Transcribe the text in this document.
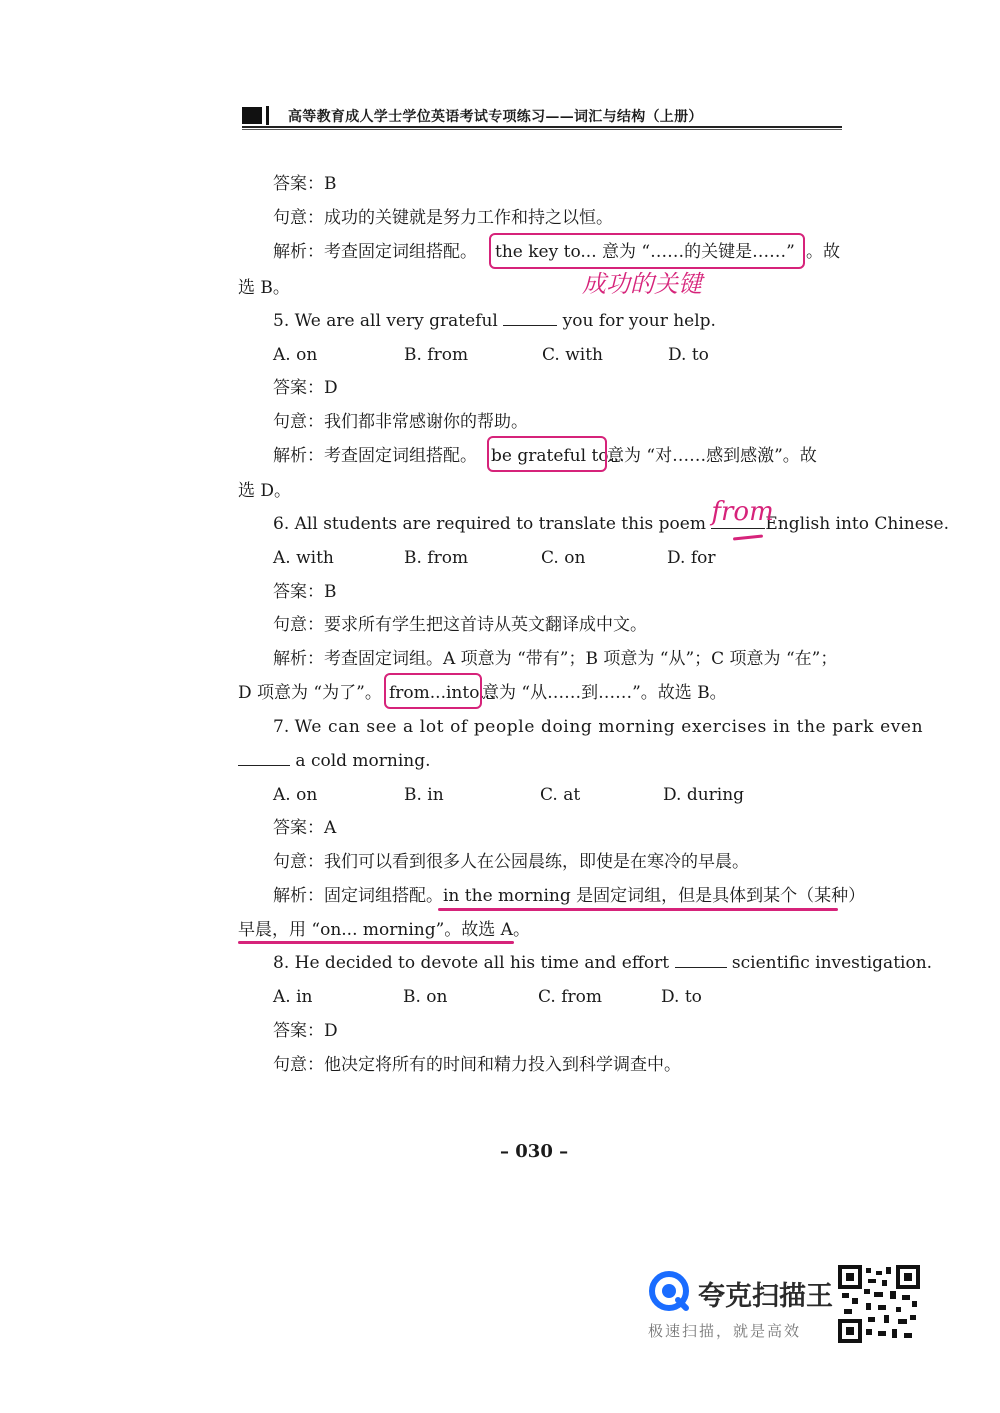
高等教育成人学士学位英语考试专项练习——词汇与结构（上册）
答案：B
句意：成功的关键就是努力工作和持之以恒。
解析：考查固定词组搭配。 the key to... 意为 “……的关键是……” 。故
选 B。	成功的关键
5. We are all very grateful	you for your help.
A. on	B. from	C. with	D. to
答案：D
句意：我们都非常感谢你的帮助。
解析：考查固定词组搭配。 be grateful to...
意为 “对……感到感激”。故
选 D。
6. All students are required to translate this poem from
English into Chinese.
A. with	B. from	C. on	D. for
答案：B
句意：要求所有学生把这首诗从英文翻译成中文。
解析：考查固定词组。A 项意为 “带有”；B 项意为 “从”；C 项意为 “在”；
D 项意为 “为了”。 from...into...
意为 “从……到……”。故选 B。
7. We can see a lot of people doing morning exercises in the park even
a cold morning.
A. on	B. in	C. at	D. during
答案：A
句意：我们可以看到很多人在公园晨练，即使是在寒冷的早晨。
解析：固定词组搭配。in the morning 是固定词组，但是具体到某个（某种）
早晨，用 “on... morning”。故选 A。
8. He decided to devote all his time and effort	scientific investigation.
A. in	B. on	C. from	D. to
答案：D
句意：他决定将所有的时间和精力投入到科学调查中。
– 030 –
夸克扫描王
极速扫描，就是高效
